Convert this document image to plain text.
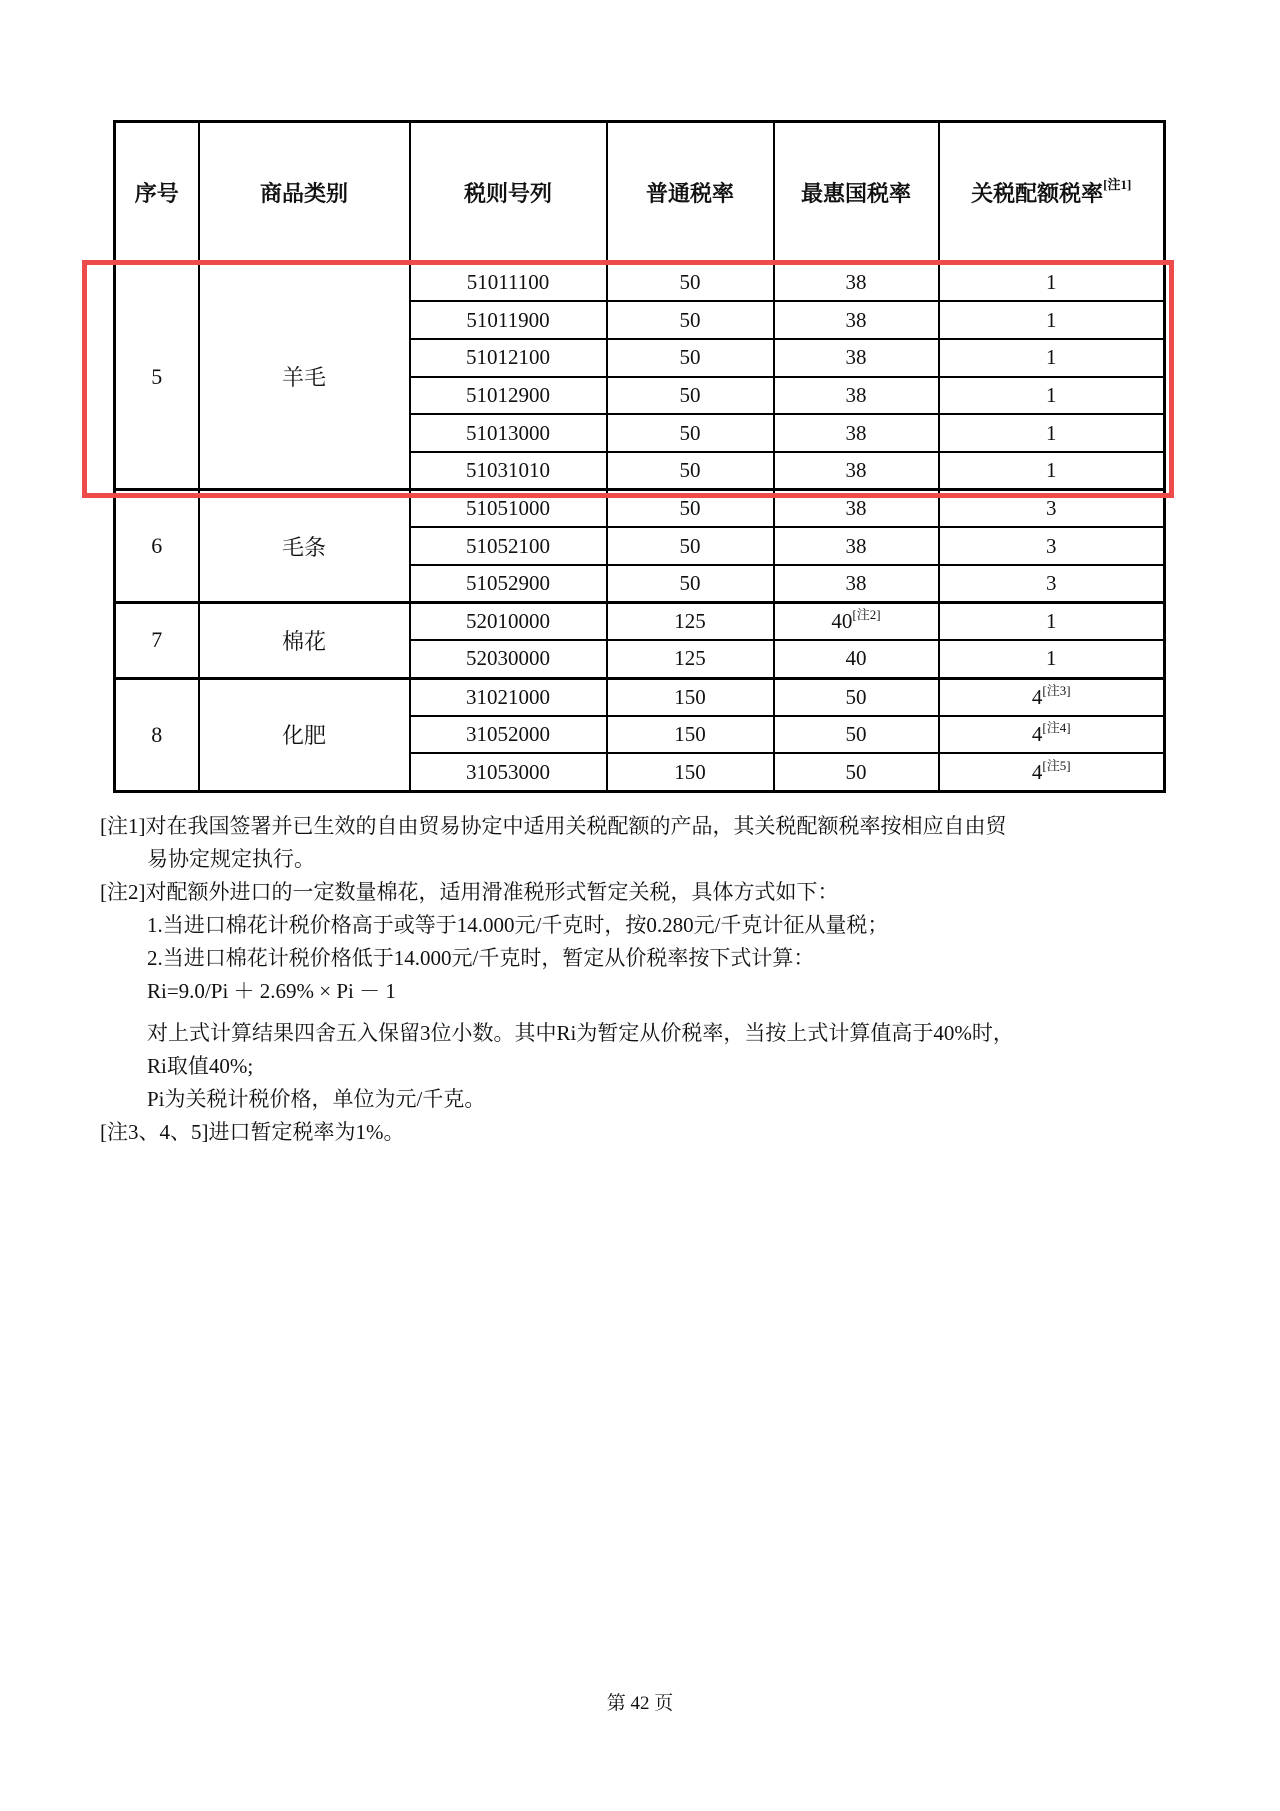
序号	商品类别	税则号列	普通税率	最惠国税率	关税配额税率[注1]
5	羊毛	51011100	50	38	1
		51011900	50	38	1
		51012100	50	38	1
		51012900	50	38	1
		51013000	50	38	1
		51031010	50	38	1
6	毛条	51051000	50	38	3
		51052100	50	38	3
		51052900	50	38	3
7	棉花	52010000	125	40[注2]	1
		52030000	125	40	1
8	化肥	31021000	150	50	4[注3]
		31052000	150	50	4[注4]
		31053000	150	50	4[注5]
[注1]对在我国签署并已生效的自由贸易协定中适用关税配额的产品，其关税配额税率按相应自由贸
易协定规定执行。
[注2]对配额外进口的一定数量棉花，适用滑准税形式暂定关税，具体方式如下：
1.当进口棉花计税价格高于或等于14.000元/千克时，按0.280元/千克计征从量税；
2.当进口棉花计税价格低于14.000元/千克时，暂定从价税率按下式计算：
Ri=9.0/Pi ＋ 2.69% × Pi － 1
对上式计算结果四舍五入保留3位小数。其中Ri为暂定从价税率，当按上式计算值高于40%时，
Ri取值40%;
Pi为关税计税价格，单位为元/千克。
[注3、4、5]进口暂定税率为1%。
第 42 页
